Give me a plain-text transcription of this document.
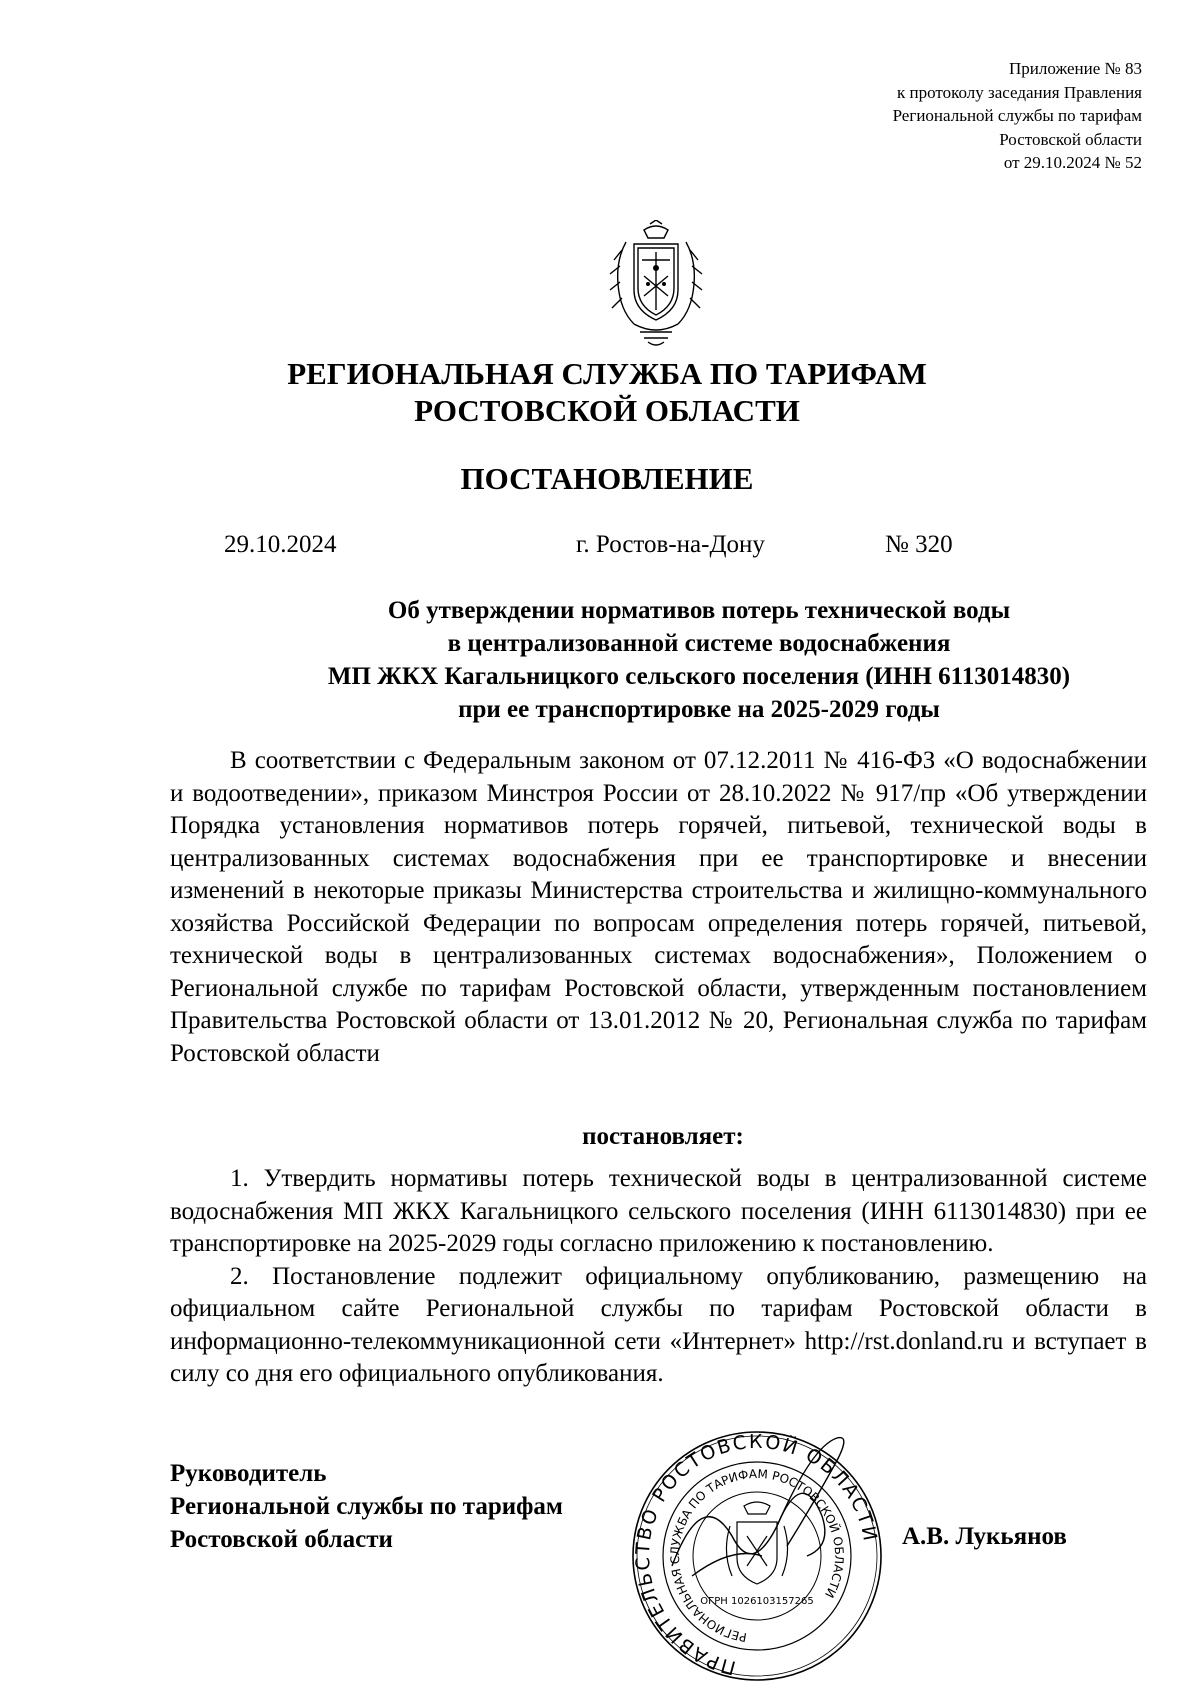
Приложение № 83
к протоколу заседания Правления
Региональной службы по тарифам
Ростовской области
от 29.10.2024 № 52
РЕГИОНАЛЬНАЯ СЛУЖБА ПО ТАРИФАМ
РОСТОВСКОЙ ОБЛАСТИ
ПОСТАНОВЛЕНИЕ
29.10.2024	г. Ростов-на-Дону	№ 320
Об утверждении нормативов потерь технической воды
в централизованной системе водоснабжения
МП ЖКХ Кагальницкого сельского поселения (ИНН 6113014830)
при ее транспортировке на 2025-2029 годы

В соответствии с Федеральным законом от 07.12.2011 № 416-ФЗ «О водоснабжении и водоотведении», приказом Минстроя России от 28.10.2022 № 917/пр «Об утверждении Порядка установления нормативов потерь горячей, питьевой, технической воды в централизованных системах водоснабжения при ее транспортировке и внесении изменений в некоторые приказы Министерства строительства и жилищно-коммунального хозяйства Российской Федерации по вопросам определения потерь горячей, питьевой, технической воды в централизованных системах водоснабжения», Положением о Региональной службе по тарифам Ростовской области, утвержденным постановлением Правительства Ростовской области от 13.01.2012 № 20, Региональная служба по тарифам Ростовской области

постановляет:

1. Утвердить нормативы потерь технической воды в централизованной системе водоснабжения МП ЖКХ Кагальницкого сельского поселения (ИНН 6113014830) при ее транспортировке на 2025-2029 годы согласно приложению к постановлению.

2. Постановление подлежит официальному опубликованию, размещению на официальном сайте Региональной службы по тарифам Ростовской области в информационно-телекоммуникационной сети «Интернет» http://rst.donland.ru и вступает в силу со дня его официального опубликования.

Руководитель
Региональной службы по тарифам
Ростовской области
ПРАВИТЕЛЬСТВО РОСТОВСКОЙ ОБЛАСТИ
РЕГИОНАЛЬНАЯ СЛУЖБА ПО ТАРИФАМ РОСТОВСКОЙ ОБЛАСТИ
ОГРН 1026103157265
А.В. Лукьянов
